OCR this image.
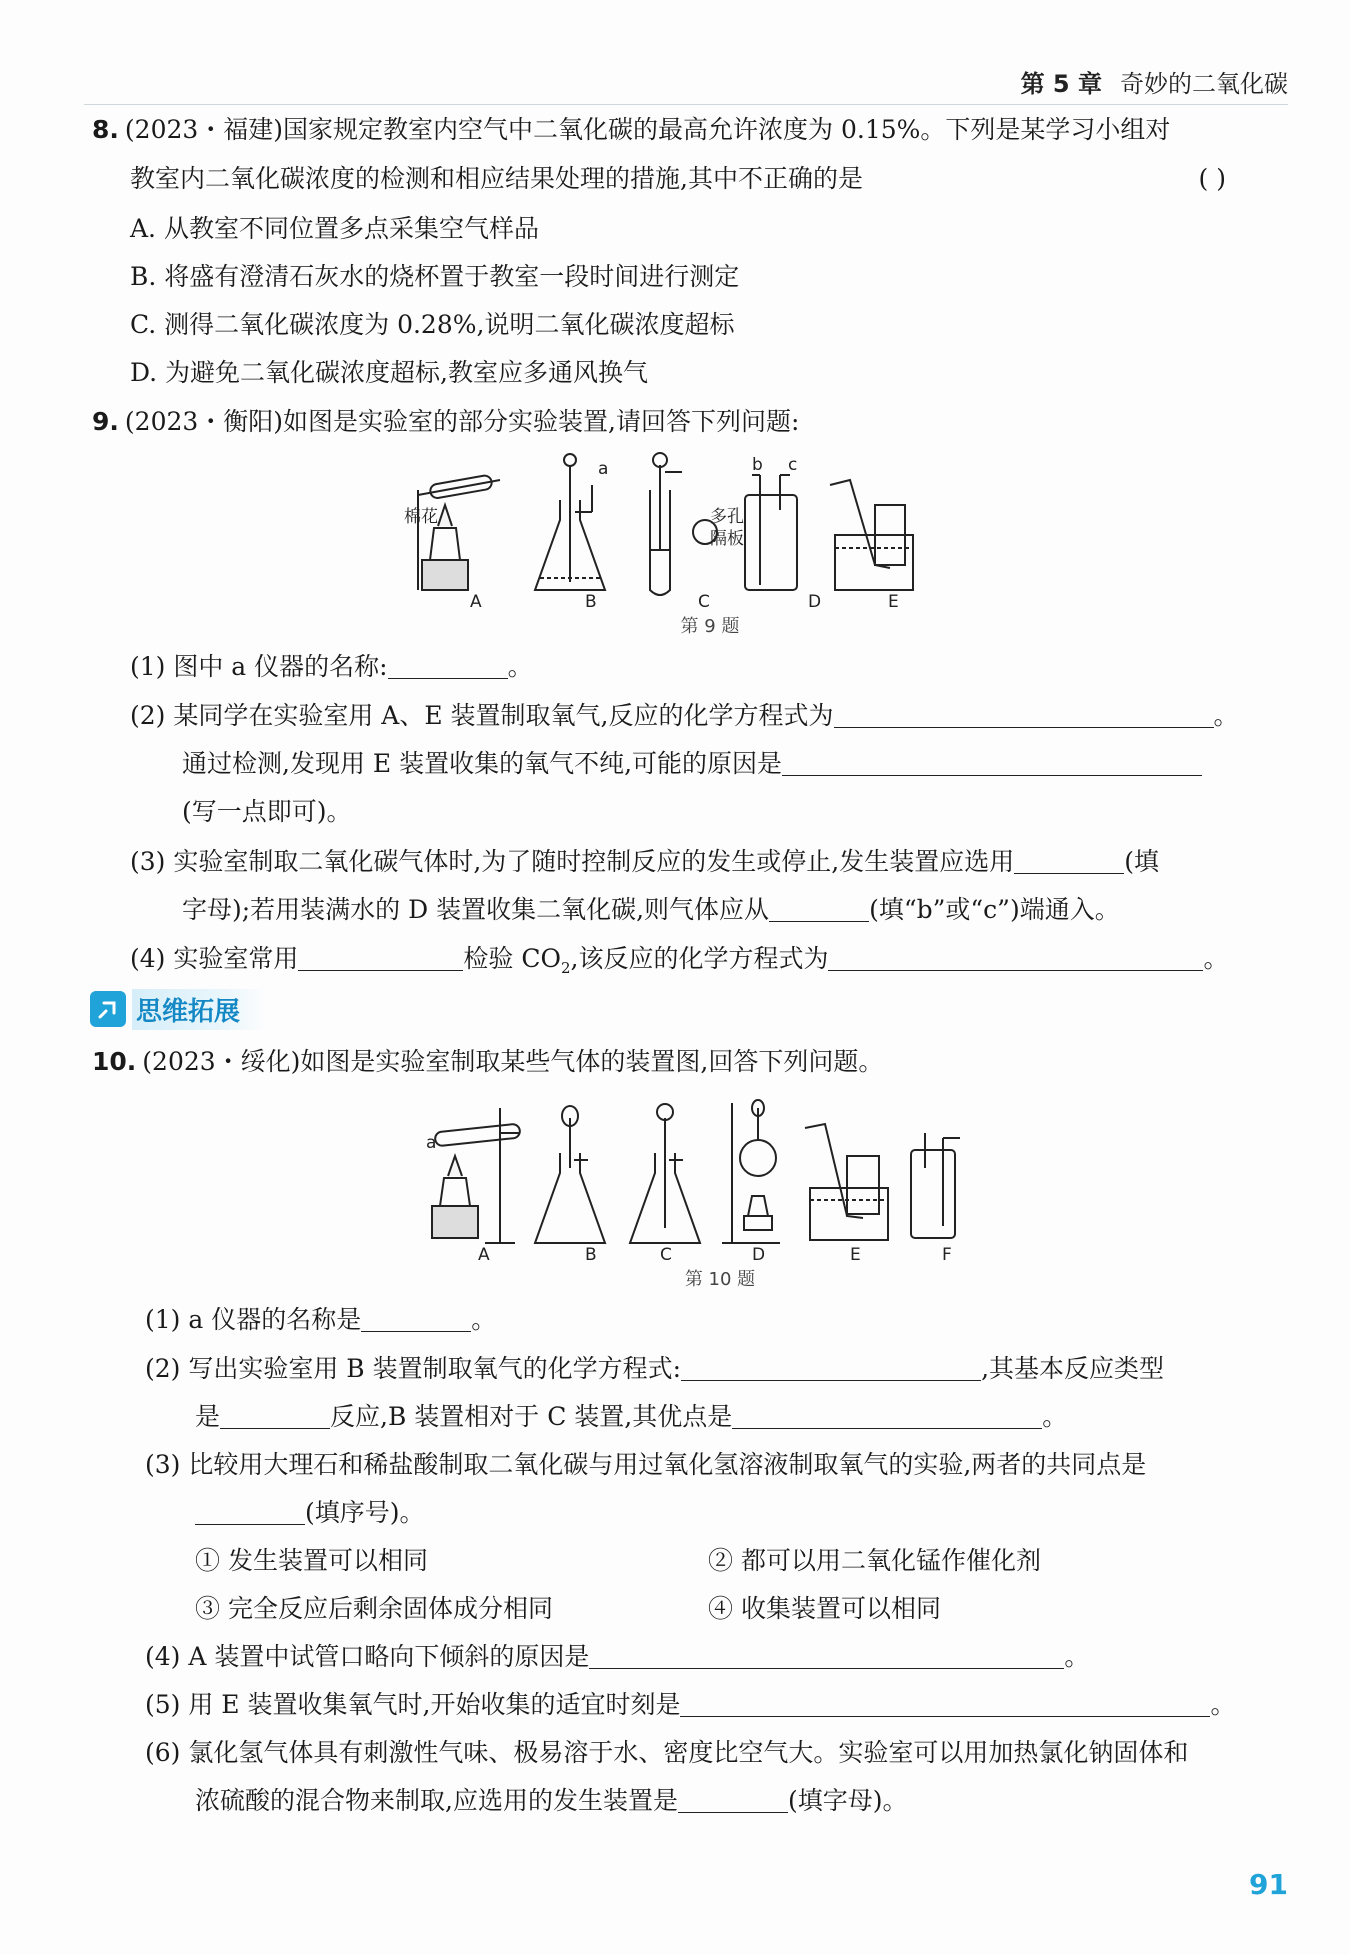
第 5 章 奇妙的二氧化碳
8. (2023・福建)国家规定教室内空气中二氧化碳的最高允许浓度为 0.15%。下列是某学习小组对
教室内二氧化碳浓度的检测和相应结果处理的措施,其中不正确的是	( )
A. 从教室不同位置多点采集空气样品
B. 将盛有澄清石灰水的烧杯置于教室一段时间进行测定
C. 测得二氧化碳浓度为 0.28%,说明二氧化碳浓度超标
D. 为避免二氧化碳浓度超标,教室应多通风换气
9. (2023・衡阳)如图是实验室的部分实验装置,请回答下列问题:
棉花
a
多孔
隔板
b c
A	B	C	D	E
第 9 题
(1) 图中 a 仪器的名称:	。
(2) 某同学在实验室用 A、E 装置制取氧气,反应的化学方程式为	。
通过检测,发现用 E 装置收集的氧气不纯,可能的原因是
(写一点即可)。
(3) 实验室制取二氧化碳气体时,为了随时控制反应的发生或停止,发生装置应选用	(填
字母);若用装满水的 D 装置收集二氧化碳,则气体应从	(填“b”或“c”)端通入。
(4) 实验室常用	检验 $CO_2$,该反应的化学方程式为	。
思维拓展
10. (2023・绥化)如图是实验室制取某些气体的装置图,回答下列问题。
a
A	B	C	D	E	F
第 10 题
(1) a 仪器的名称是	。
(2) 写出实验室用 B 装置制取氧气的化学方程式:	,其基本反应类型
是	反应,B 装置相对于 C 装置,其优点是	。
(3) 比较用大理石和稀盐酸制取二氧化碳与用过氧化氢溶液制取氧气的实验,两者的共同点是
(填序号)。
① 发生装置可以相同	② 都可以用二氧化锰作催化剂
③ 完全反应后剩余固体成分相同	④ 收集装置可以相同
(4) A 装置中试管口略向下倾斜的原因是	。
(5) 用 E 装置收集氧气时,开始收集的适宜时刻是	。
(6) 氯化氢气体具有刺激性气味、极易溶于水、密度比空气大。实验室可以用加热氯化钠固体和
浓硫酸的混合物来制取,应选用的发生装置是	(填字母)。
91
